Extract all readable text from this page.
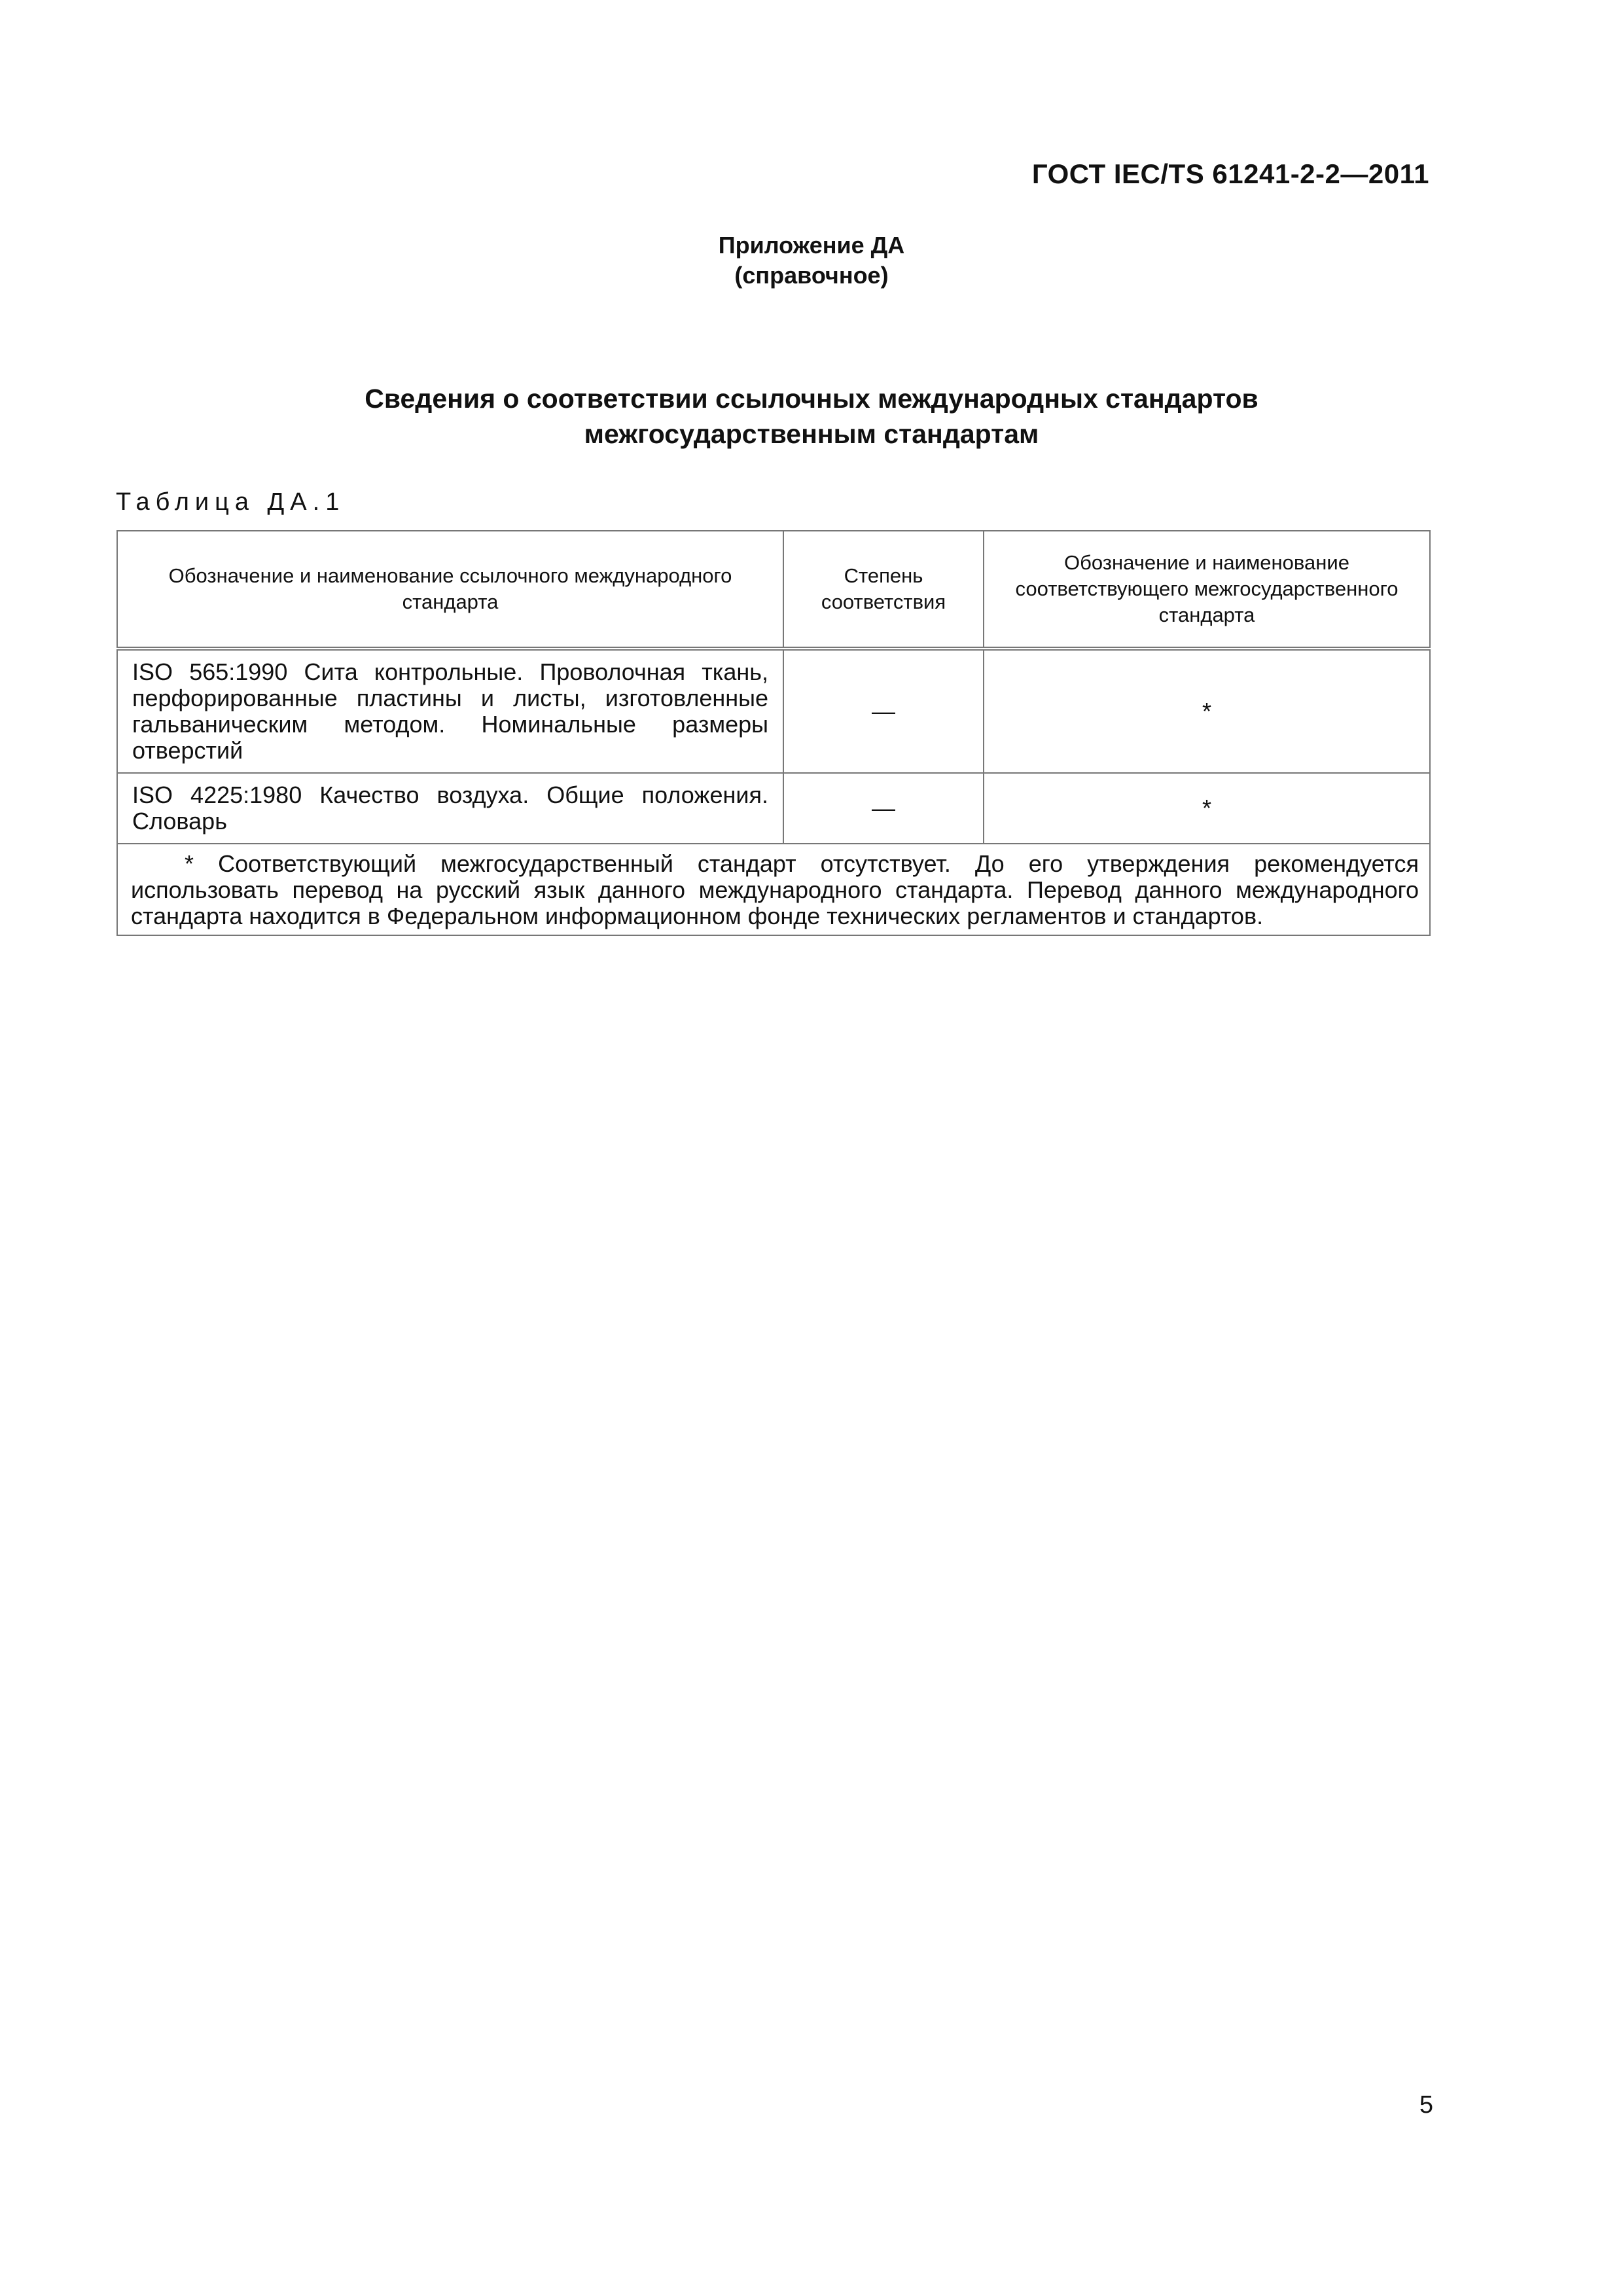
ГОСТ IEC/TS 61241-2-2—2011
Приложение ДА
(справочное)
Сведения о соответствии ссылочных международных стандартов
межгосударственным стандартам
Таблица ДА.1
Обозначение и наименование ссылочного международного стандарта	Степень соответствия	Обозначение и наименование соответствующего межгосударственного стандарта
ISO 565:1990 Сита контрольные. Проволочная ткань, перфорированные пластины и листы, изготовленные гальваническим методом. Номинальные размеры отверстий	—	*
ISO 4225:1980 Качество воздуха. Общие положения. Словарь	—	*
* Соответствующий межгосударственный стандарт отсутствует. До его утверждения рекомендуется использовать перевод на русский язык данного международного стандарта. Перевод данного международного стандарта находится в Федеральном информационном фонде технических регламентов и стандартов.		
5
